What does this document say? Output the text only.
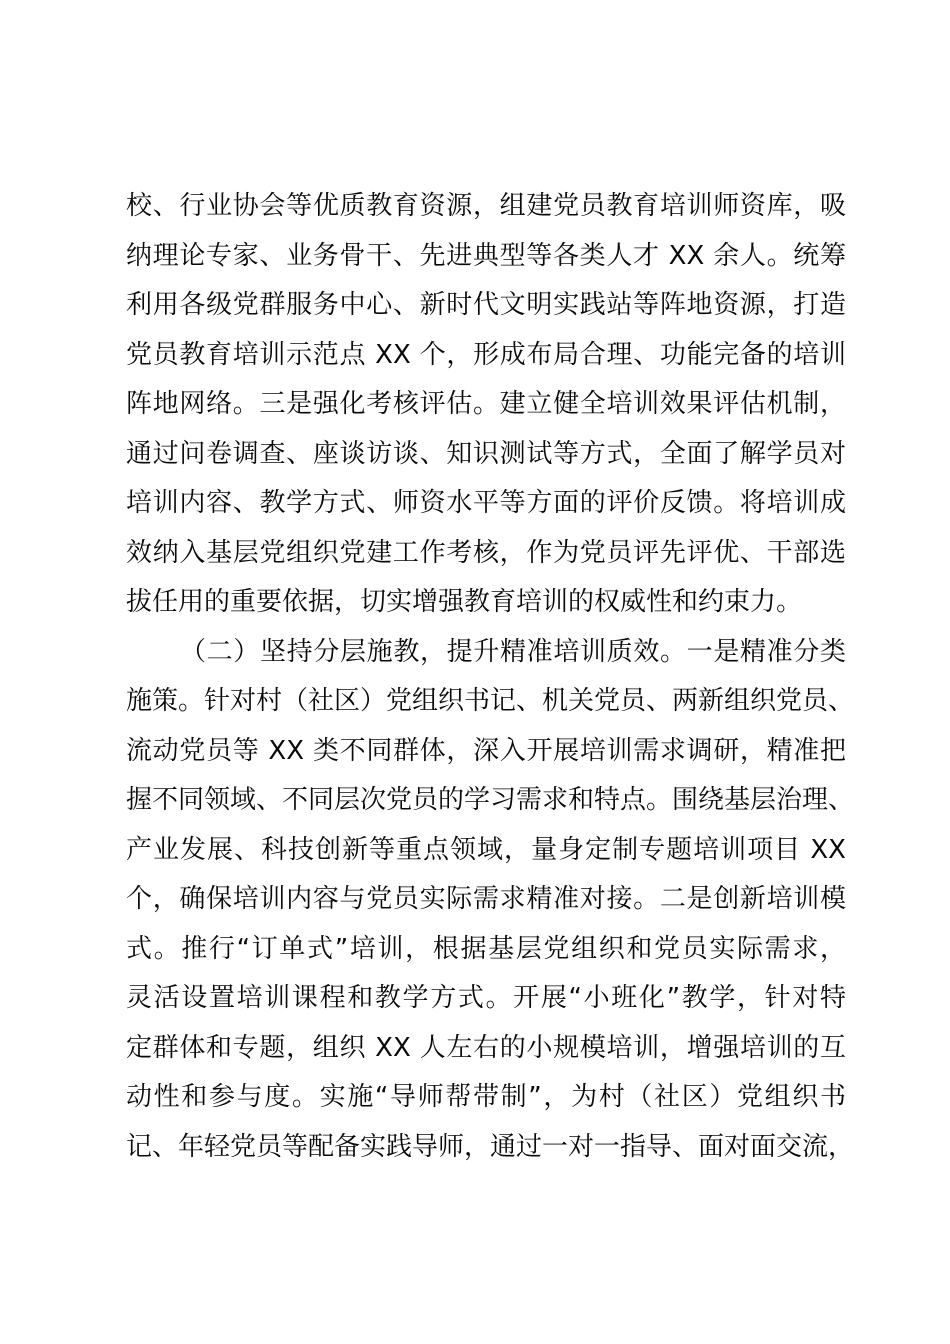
校、行业协会等优质教育资源，组建党员教育培训师资库，吸
纳理论专家、业务骨干、先进典型等各类人才 XX 余人。统筹
利用各级党群服务中心、新时代文明实践站等阵地资源，打造
党员教育培训示范点 XX 个，形成布局合理、功能完备的培训
阵地网络。三是强化考核评估。建立健全培训效果评估机制，
通过问卷调查、座谈访谈、知识测试等方式，全面了解学员对
培训内容、教学方式、师资水平等方面的评价反馈。将培训成
效纳入基层党组织党建工作考核，作为党员评先评优、干部选
拔任用的重要依据，切实增强教育培训的权威性和约束力。
（二）坚持分层施教，提升精准培训质效。一是精准分类
施策。针对村（社区）党组织书记、机关党员、两新组织党员、
流动党员等 XX 类不同群体，深入开展培训需求调研，精准把
握不同领域、不同层次党员的学习需求和特点。围绕基层治理、
产业发展、科技创新等重点领域，量身定制专题培训项目 XX
个，确保培训内容与党员实际需求精准对接。二是创新培训模
式。推行“订单式”培训，根据基层党组织和党员实际需求，
灵活设置培训课程和教学方式。开展“小班化”教学，针对特
定群体和专题，组织 XX 人左右的小规模培训，增强培训的互
动性和参与度。实施“导师帮带制”，为村（社区）党组织书
记、年轻党员等配备实践导师，通过一对一指导、面对面交流，
